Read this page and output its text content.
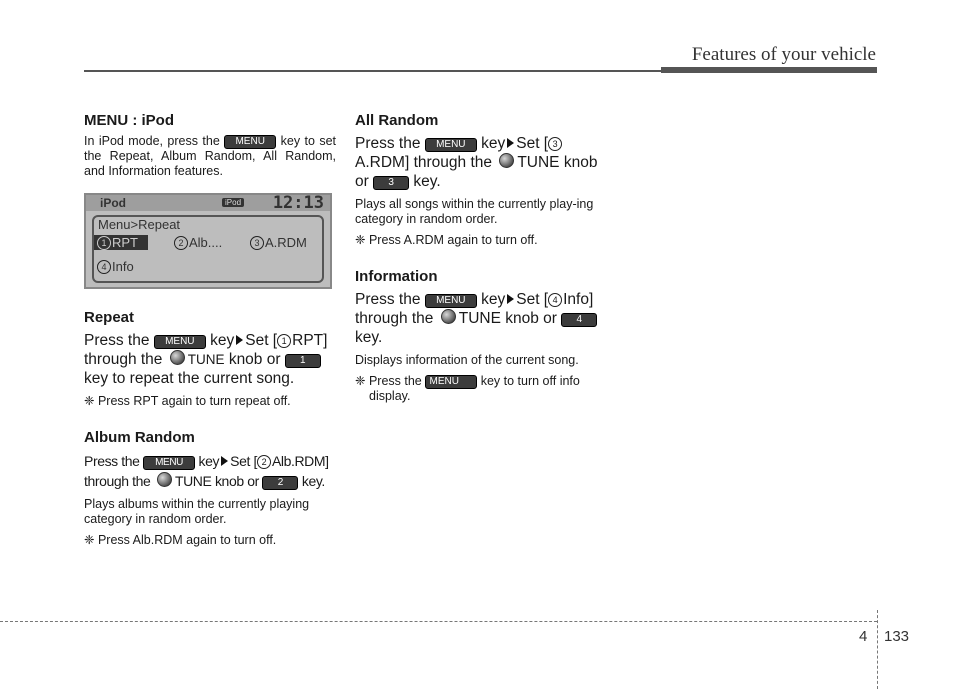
Features of your vehicle
MENU : iPod

In iPod mode, press the MENU key to set the Repeat, Album Random, All Random, and Information features.

iPod	iPod 12:13
Menu>Repeat
1 RPT	2 Alb....	3 A.RDM
4 Info
Repeat

Press the MENU key Set [ 1 RPT] through the TUNE knob or 1 key to repeat the current song.

❈ Press RPT again to turn repeat off.

Album Random

Press the MENU key Set [ 2 Alb.RDM] through the TUNE knob or 2 key.

Plays albums within the currently playing category in random order.

❈ Press Alb.RDM again to turn off.

All Random

Press the MENU key Set [ 3A.RDM] through the TUNE knob or 3 key.

Plays all songs within the currently play-ing category in random order.

❈ Press A.RDM again to turn off.

Information

Press the MENU key Set [ 4 Info] through the TUNE knob or 4 key.

Displays information of the current song.

❈ Press the MENU key to turn off info display.

4 133
